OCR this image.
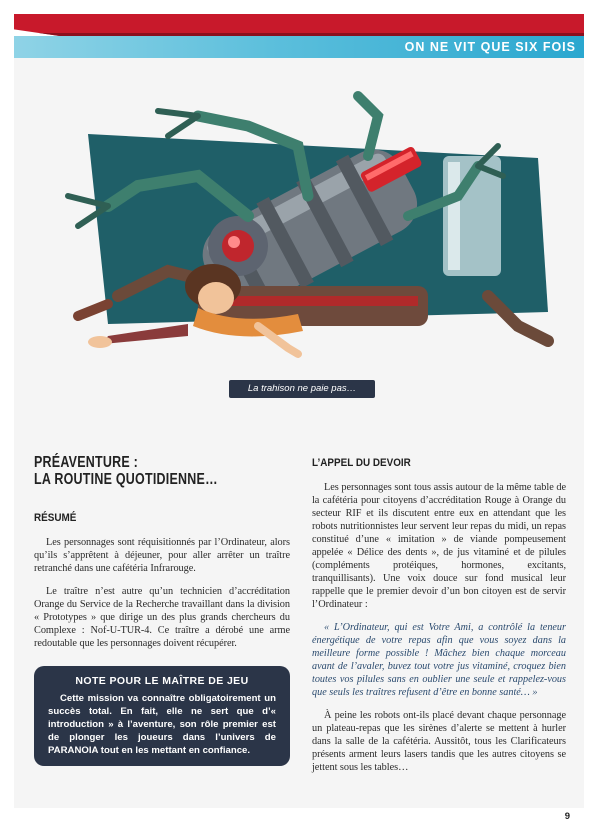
ON NE VIT QUE SIX FOIS
La trahison ne paie pas…
PRÉAVENTURE :
LA ROUTINE QUOTIDIENNE…
RÉSUMÉ

Les personnages sont réquisitionnés par l’Ordinateur, alors qu’ils s’apprêtent à déjeuner, pour aller arrêter un traître retranché dans une cafétéria Infrarouge.

Le traître n’est autre qu’un technicien d’accréditation Orange du Service de la Recherche travaillant dans la division « Prototypes » que dirige un des plus grands chercheurs du Complexe : Nof-U-TUR-4. Ce traître a dérobé une arme redoutable que les personnages doivent récupérer.

NOTE POUR LE MAÎTRE DE JEU
Cette mission va connaître obligatoirement un succès total. En fait, elle ne sert que d’« introduction » à l’aventure, son rôle premier est de plonger les joueurs dans l’univers de PARANOIA tout en les mettant en confiance.
L’APPEL DU DEVOIR

Les personnages sont tous assis autour de la même table de la cafétéria pour citoyens d’accréditation Rouge à Orange du secteur RIF et ils discutent entre eux en attendant que les robots nutritionnistes leur servent leur repas du midi, un repas constitué d’une « imitation » de viande pompeusement appelée « Délice des dents », de jus vitaminé et de pilules (compléments protéiques, hormones, excitants, tranquillisants). Une voix douce sur fond musical leur rappelle que le premier devoir d’un bon citoyen est de servir l’Ordinateur :

« L’Ordinateur, qui est Votre Ami, a contrôlé la teneur énergétique de votre repas afin que vous soyez dans la meilleure forme possible ! Mâchez bien chaque morceau avant de l’avaler, buvez tout votre jus vitaminé, croquez bien toutes vos pilules sans en oublier une seule et rappelez-vous que seuls les traîtres refusent d’être en bonne santé… »

À peine les robots ont-ils placé devant chaque personnage un plateau-repas que les sirènes d’alerte se mettent à hurler dans la salle de la cafétéria. Aussitôt, tous les Clarificateurs présents arment leurs lasers tandis que les autres citoyens se jettent sous les tables…

9
